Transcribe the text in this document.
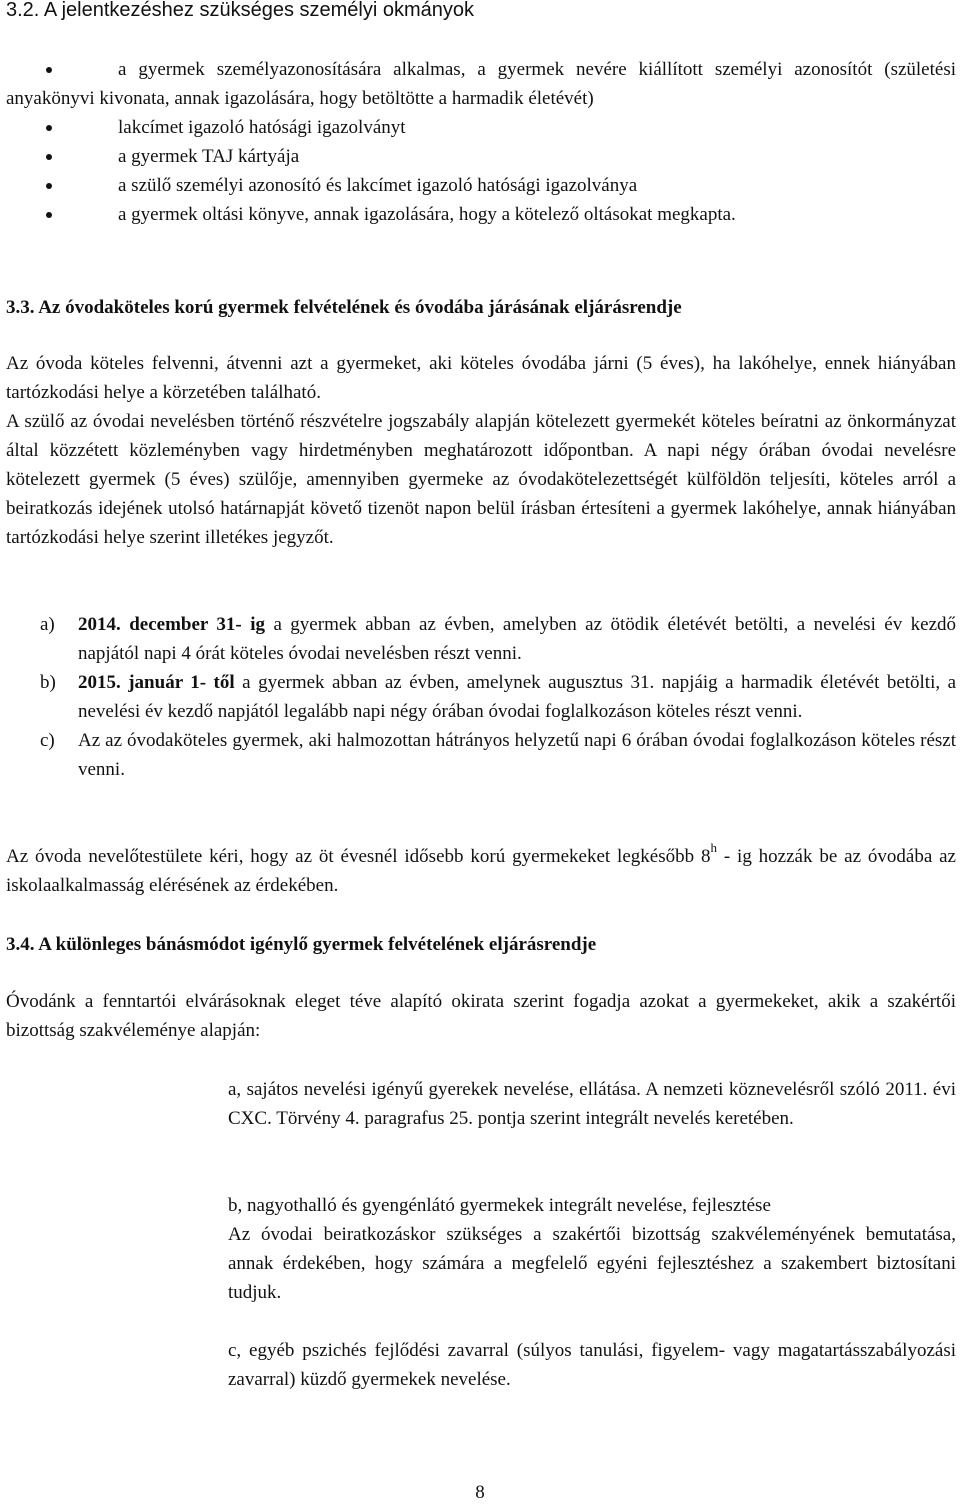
3.2. A jelentkezéshez szükséges személyi okmányok
a gyermek személyazonosítására alkalmas, a gyermek nevére kiállított személyi azonosítót (születési anyakönyvi kivonata, annak igazolására, hogy betöltötte a harmadik életévét)
lakcímet igazoló hatósági igazolványt
a gyermek TAJ kártyája
a szülő személyi azonosító és lakcímet igazoló hatósági igazolványa
a gyermek oltási könyve, annak igazolására, hogy a kötelező oltásokat megkapta.
3.3. Az óvodaköteles korú gyermek felvételének és óvodába járásának eljárásrendje
Az óvoda köteles felvenni, átvenni azt a gyermeket, aki köteles óvodába járni (5 éves), ha lakóhelye, ennek hiányában tartózkodási helye a körzetében található.
A szülő az óvodai nevelésben történő részvételre jogszabály alapján kötelezett gyermekét köteles beíratni az önkormányzat által közzétett közleményben vagy hirdetményben meghatározott időpontban. A napi négy órában óvodai nevelésre kötelezett gyermek (5 éves) szülője, amennyiben gyermeke az óvodakötelezettségét külföldön teljesíti, köteles arról a beiratkozás idejének utolsó határnapját követő tizenöt napon belül írásban értesíteni a gyermek lakóhelye, annak hiányában tartózkodási helye szerint illetékes jegyzőt.
a) 2014. december 31- ig a gyermek abban az évben, amelyben az ötödik életévét betölti, a nevelési év kezdő napjától napi 4 órát köteles óvodai nevelésben részt venni.
b) 2015. január 1- től a gyermek abban az évben, amelynek augusztus 31. napjáig a harmadik életévét betölti, a nevelési év kezdő napjától legalább napi négy órában óvodai foglalkozáson köteles részt venni.
c) Az az óvodaköteles gyermek, aki halmozottan hátrányos helyzetű napi 6 órában óvodai foglalkozáson köteles részt venni.
Az óvoda nevelőtestülete kéri, hogy az öt évesnél idősebb korú gyermekeket legkésőbb 8$^h$ - ig hozzák be az óvodába az iskolaalkalmasság elérésének az érdekében.
3.4. A különleges bánásmódot igénylő gyermek felvételének eljárásrendje
Óvodánk a fenntartói elvárásoknak eleget téve alapító okirata szerint fogadja azokat a gyermekeket, akik a szakértői bizottság szakvéleménye alapján:
a, sajátos nevelési igényű gyerekek nevelése, ellátása. A nemzeti köznevelésről szóló 2011. évi CXC. Törvény 4. paragrafus 25. pontja szerint integrált nevelés keretében.
b, nagyothalló és gyengénlátó gyermekek integrált nevelése, fejlesztése
Az óvodai beiratkozáskor szükséges a szakértői bizottság szakvéleményének bemutatása, annak érdekében, hogy számára a megfelelő egyéni fejlesztéshez a szakembert biztosítani tudjuk.
c, egyéb pszichés fejlődési zavarral (súlyos tanulási, figyelem- vagy magatartásszabályozási zavarral) küzdő gyermekek nevelése.
8
